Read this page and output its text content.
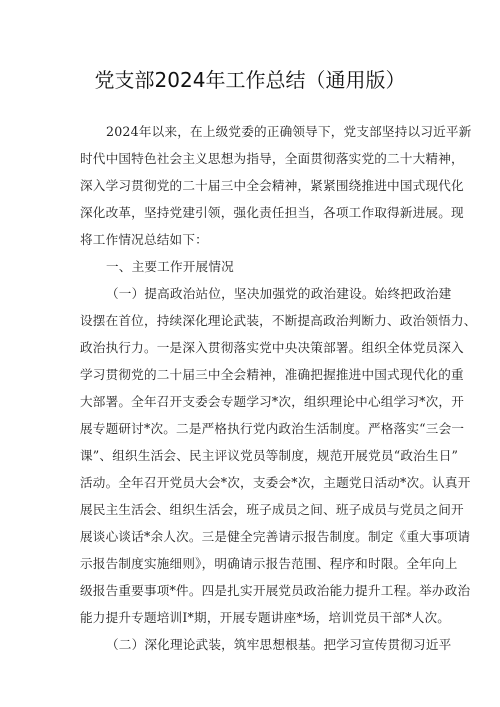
党支部2024年工作总结（通用版）
2024年以来，在上级党委的正确领导下，党支部坚持以习近平新
时代中国特色社会主义思想为指导，全面贯彻落实党的二十大精神，
深入学习贯彻党的二十届三中全会精神，紧紧围绕推进中国式现代化
深化改革，坚持党建引领，强化责任担当，各项工作取得新进展。现
将工作情况总结如下：
一、主要工作开展情况
（一）提高政治站位，坚决加强党的政治建设。始终把政治建
设摆在首位，持续深化理论武装，不断提高政治判断力、政治领悟力、
政治执行力。一是深入贯彻落实党中央决策部署。组织全体党员深入
学习贯彻党的二十届三中全会精神，准确把握推进中国式现代化的重
大部署。全年召开支委会专题学习*次，组织理论中心组学习*次，开
展专题研讨*次。二是严格执行党内政治生活制度。严格落实“三会一
课”、组织生活会、民主评议党员等制度，规范开展党员“政治生日”
活动。全年召开党员大会*次，支委会*次，主题党日活动*次。认真开
展民主生活会、组织生活会，班子成员之间、班子成员与党员之间开
展谈心谈话*余人次。三是健全完善请示报告制度。制定《重大事项请
示报告制度实施细则》，明确请示报告范围、程序和时限。全年向上
级报告重要事项*件。四是扎实开展党员政治能力提升工程。举办政治
能力提升专题培训I*期，开展专题讲座*场，培训党员干部*人次。
（二）深化理论武装，筑牢思想根基。把学习宣传贯彻习近平
